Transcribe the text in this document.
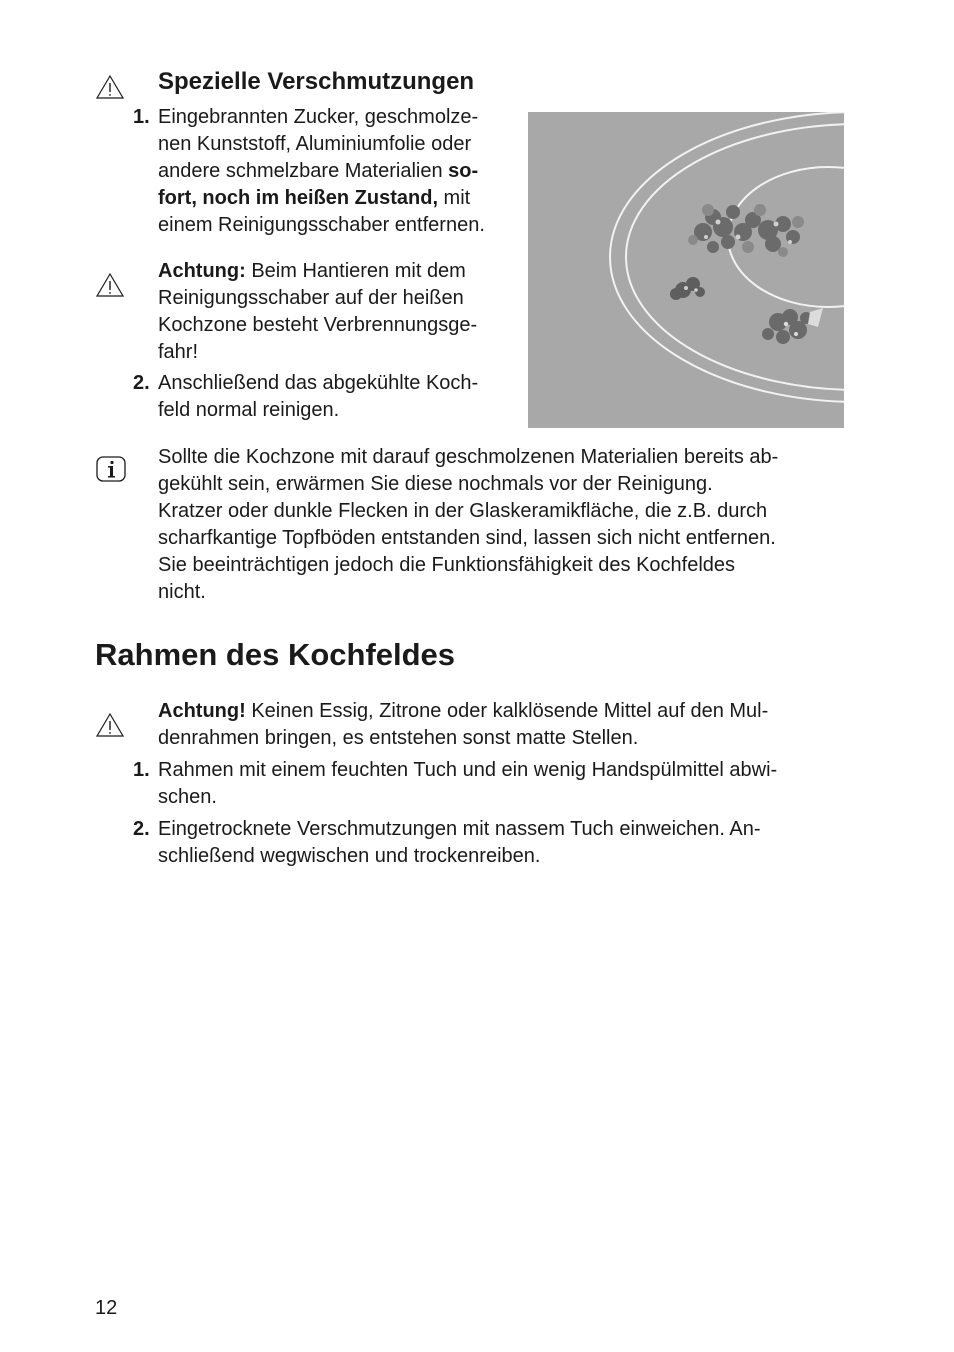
Spezielle Verschmutzungen
1. Eingebrannten Zucker, geschmolze-
nen Kunststoff, Aluminiumfolie oder
andere schmelzbare Materialien so-
fort, noch im heißen Zustand, mit
einem Reinigungsschaber entfernen.
Achtung: Beim Hantieren mit dem
Reinigungsschaber auf der heißen
Kochzone besteht Verbrennungsge-
fahr!
2. Anschließend das abgekühlte Koch-
feld normal reinigen.
Sollte die Kochzone mit darauf geschmolzenen Materialien bereits ab-
gekühlt sein, erwärmen Sie diese nochmals vor der Reinigung.
Kratzer oder dunkle Flecken in der Glaskeramikfläche, die z.B. durch
scharfkantige Topfböden entstanden sind, lassen sich nicht entfernen.
Sie beeinträchtigen jedoch die Funktionsfähigkeit des Kochfeldes
nicht.
Rahmen des Kochfeldes
Achtung! Keinen Essig, Zitrone oder kalklösende Mittel auf den Mul-
denrahmen bringen, es entstehen sonst matte Stellen.
1. Rahmen mit einem feuchten Tuch und ein wenig Handspülmittel abwi-
schen.
2. Eingetrocknete Verschmutzungen mit nassem Tuch einweichen. An-
schließend wegwischen und trockenreiben.
12
